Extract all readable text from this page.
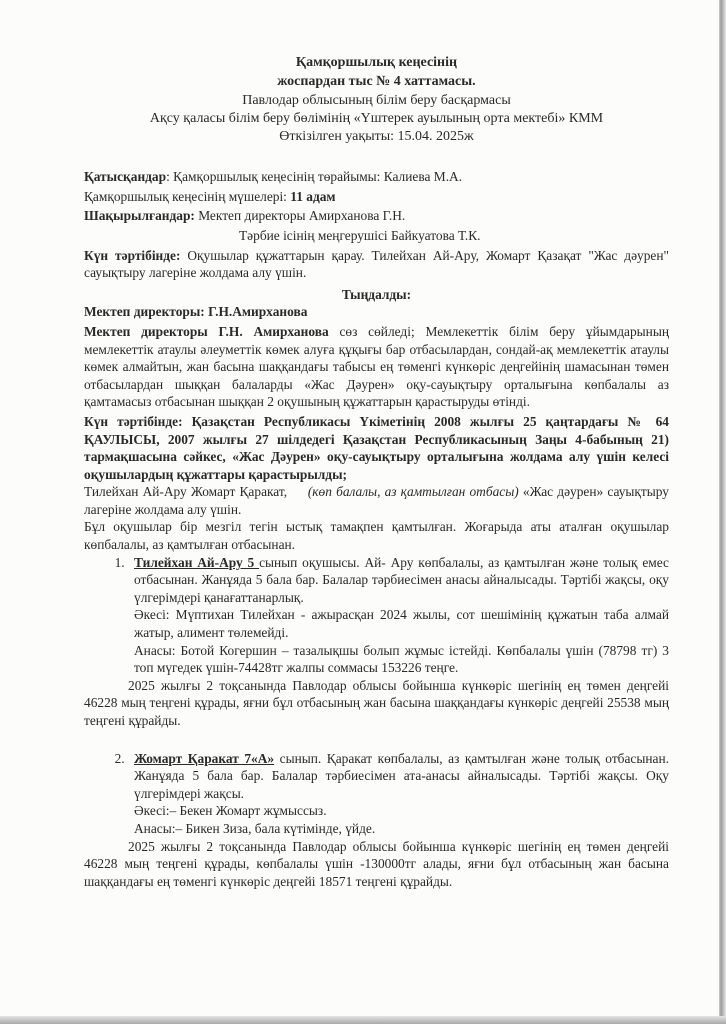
Қамқоршылық кеңесінің
жоспардан тыс № 4 хаттамасы.
Павлодар облысының білім беру басқармасы
Ақсу қаласы білім беру бөлімінің «Үштерек ауылының орта мектебі» КММ
Өткізілген уақыты: 15.04. 2025ж
Қатысқандар: Қамқоршылық кеңесінің төрайымы: Калиева М.А.
Қамқоршылық кеңесінің мүшелері: 11 адам
Шақырылғандар: Мектеп директоры Амирханова Г.Н.
Тәрбие ісінің меңгерушісі Байкуатова Т.К.
Күн тәртібінде: Оқушылар құжаттарын қарау. Тилейхан Ай-Ару, Жомарт Қазақат "Жас дәурен" сауықтыру лагеріне жолдама алу үшін.
Тыңдалды:
Мектеп директоры: Г.Н.Амирханова
Мектеп директоры Г.Н. Амирханова сөз сөйледі; Мемлекеттік білім беру ұйымдарының мемлекеттік атаулы әлеуметтік көмек алуға құқығы бар отбасылардан, сондай-ақ мемлекеттік атаулы көмек алмайтын, жан басына шаққандағы табысы ең төменгі күнкөріс деңгейінің шамасынан төмен отбасылардан шыққан балаларды «Жас Дәурен» оқу-сауықтыру орталығына көпбалалы аз қамтамасыз отбасынан шыққан 2 оқушының құжаттарын қарастыруды өтінді.
Күн тәртібінде: Қазақстан Республикасы Үкіметінің 2008 жылғы 25 қаңтардағы № 64 ҚАУЛЫСЫ, 2007 жылғы 27 шілдедегі Қазақстан Республикасының Заңы 4-бабының 21) тармақшасына сәйкес, «Жас Дәурен» оқу-сауықтыру орталығына жолдама алу үшін келесі оқушылардың құжаттары қарастырылды;
Тилейхан Ай-Ару Жомарт Қаракат, (көп балалы, аз қамтылған отбасы) «Жас дәурен» сауықтыру лагеріне жолдама алу үшін.
Бұл оқушылар бір мезгіл тегін ыстық тамақпен қамтылған. Жоғарыда аты аталған оқушылар көпбалалы, аз қамтылған отбасынан.
1. Тилейхан Ай-Ару 5 сынып оқушысы. Ай- Ару көпбалалы, аз қамтылған және толық емес отбасынан. Жанұяда 5 бала бар. Балалар тәрбиесімен анасы айналысады. Тәртібі жақсы, оқу үлгерімдері қанағаттанарлық.
Әкесі: Мүптихан Тилейхан - ажырасқан 2024 жылы, сот шешімінің құжатын таба алмай жатыр, алимент төлемейді.
Анасы: Ботой Когершин – тазалықшы болып жұмыс істейді. Көпбалалы үшін (78798 тг) 3 топ мүгедек үшін-74428тг жалпы соммасы 153226 теңге.
2025 жылғы 2 тоқсанында Павлодар облысы бойынша күнкөріс шегінің ең төмен деңгейі 46228 мың теңгені құрады, яғни бұл отбасының жан басына шаққандағы күнкөріс деңгейі 25538 мың теңгені құрайды.
2. Жомарт Қаракат 7«А» сынып. Қаракат көпбалалы, аз қамтылған және толық отбасынан. Жанұяда 5 бала бар. Балалар тәрбиесімен ата-анасы айналысады. Тәртібі жақсы. Оқу үлгерімдері жақсы.
Әкесі:– Бекен Жомарт жұмыссыз.
Анасы:– Бикен Зиза, бала күтімінде, үйде.
2025 жылғы 2 тоқсанында Павлодар облысы бойынша күнкөріс шегінің ең төмен деңгейі 46228 мың теңгені құрады, көпбалалы үшін -130000тг алады, яғни бұл отбасының жан басына шаққандағы ең төменгі күнкөріс деңгейі 18571 теңгені құрайды.
